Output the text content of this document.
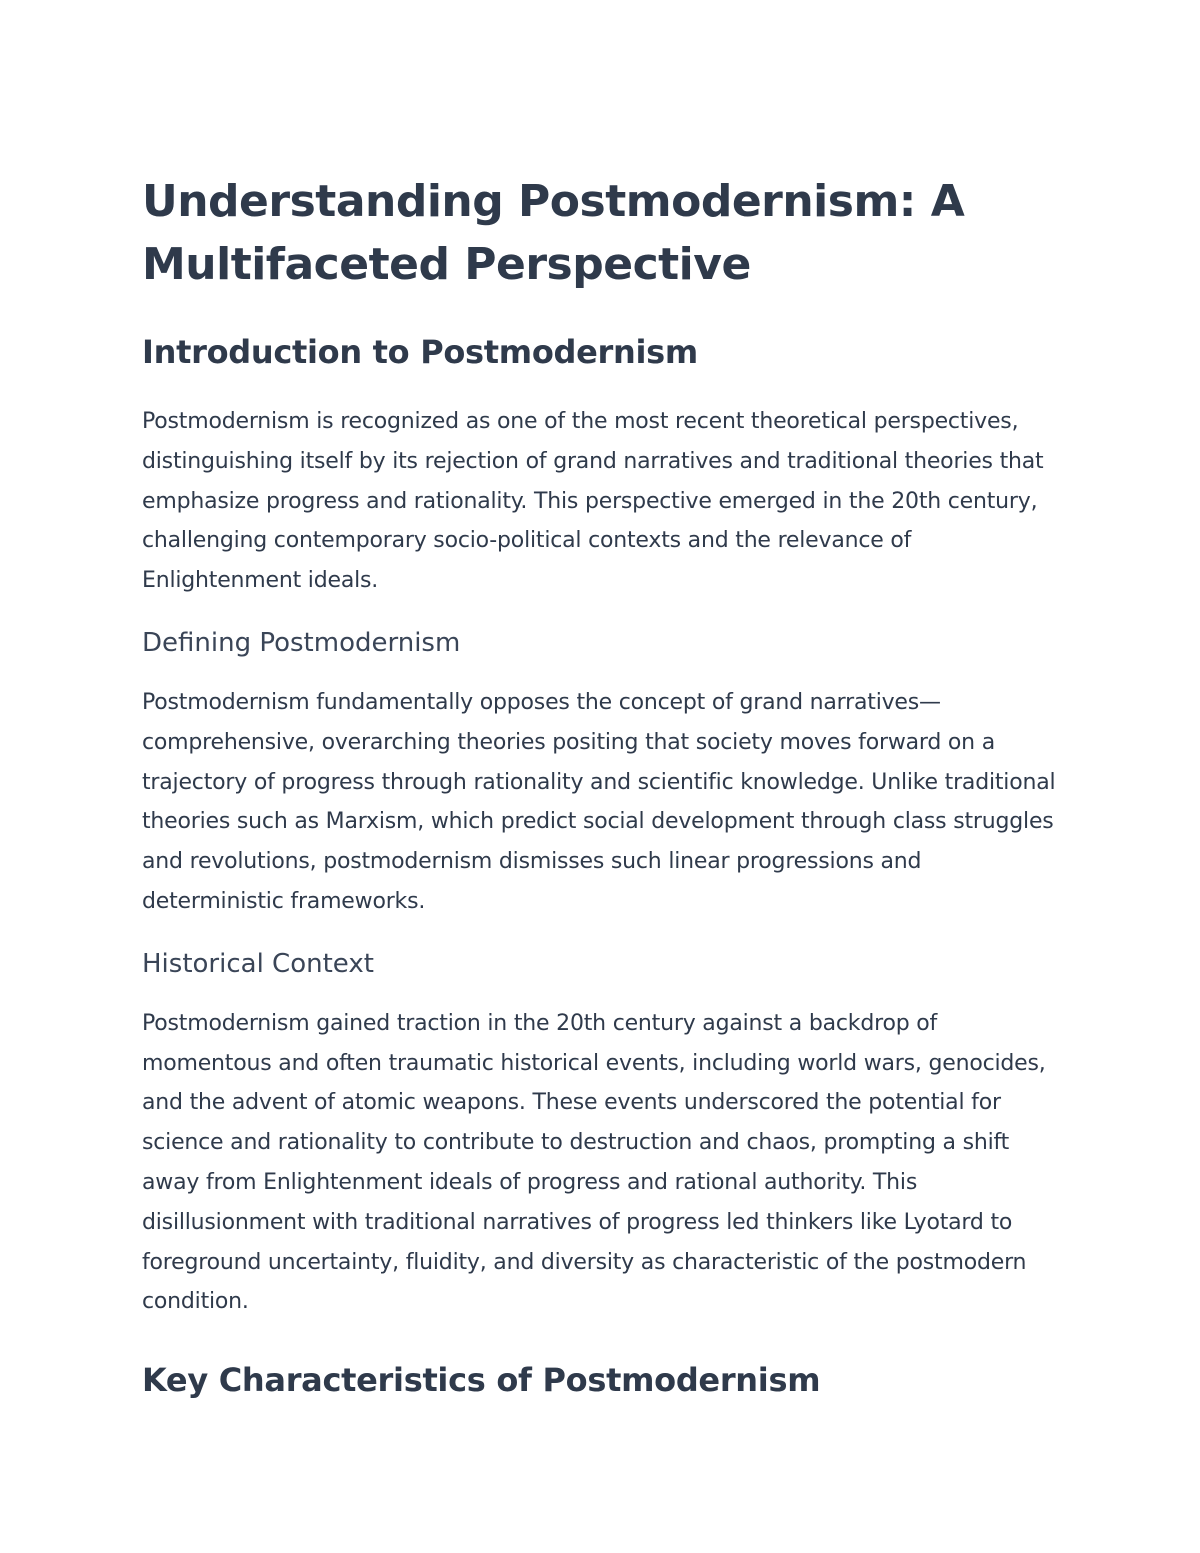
Understanding Postmodernism: A Multifaceted Perspective
Introduction to Postmodernism

Postmodernism is recognized as one of the most recent theoretical perspectives, distinguishing itself by its rejection of grand narratives and traditional theories that emphasize progress and rationality. This perspective emerged in the 20th century, challenging contemporary socio-political contexts and the relevance of Enlightenment ideals.

Defining Postmodernism

Postmodernism fundamentally opposes the concept of grand narratives—comprehensive, overarching theories positing that society moves forward on a trajectory of progress through rationality and scientific knowledge. Unlike traditional theories such as Marxism, which predict social development through class struggles and revolutions, postmodernism dismisses such linear progressions and deterministic frameworks.

Historical Context

Postmodernism gained traction in the 20th century against a backdrop of momentous and often traumatic historical events, including world wars, genocides, and the advent of atomic weapons. These events underscored the potential for science and rationality to contribute to destruction and chaos, prompting a shift away from Enlightenment ideals of progress and rational authority. This disillusionment with traditional narratives of progress led thinkers like Lyotard to foreground uncertainty, fluidity, and diversity as characteristic of the postmodern condition.

Key Characteristics of Postmodernism
